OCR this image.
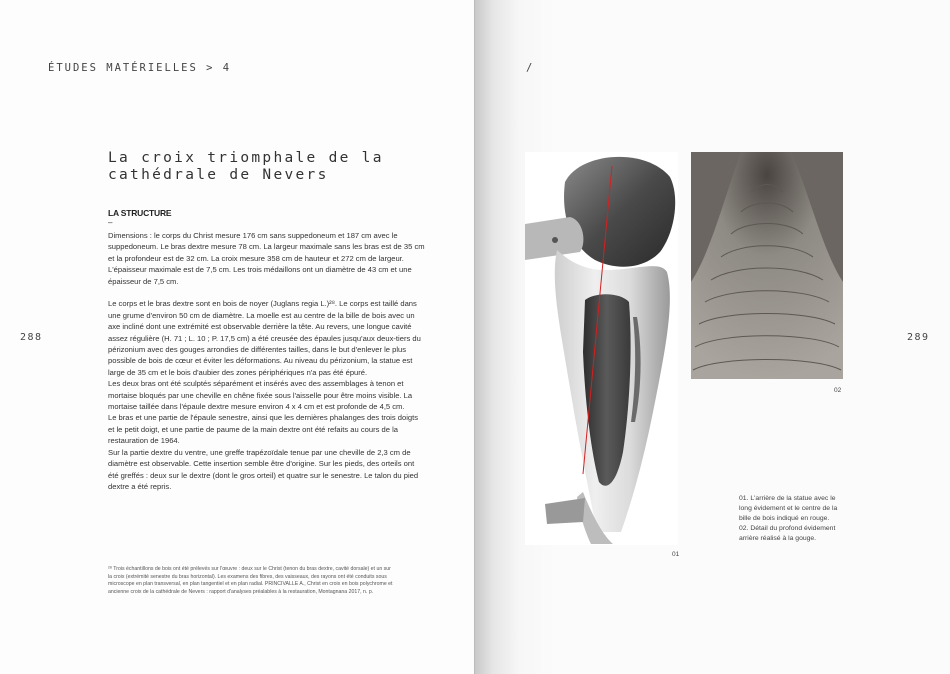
ÉTUDES MATÉRIELLES > 4
288
La croix triomphale de la
cathédrale de Nevers
LA STRUCTURE
–

Dimensions : le corps du Christ mesure 176 cm sans suppedoneum et 187 cm avec le suppedoneum. Le bras dextre mesure 78 cm. La largeur maximale sans les bras est de 35 cm et la profondeur est de 32 cm. La croix mesure 358 cm de hauteur et 272 cm de largeur. L'épaisseur maximale est de 7,5 cm. Les trois médaillons ont un diamètre de 43 cm et une épaisseur de 7,5 cm.

Le corps et le bras dextre sont en bois de noyer (Juglans regia L.)²⁸. Le corps est taillé dans une grume d'environ 50 cm de diamètre. La moelle est au centre de la bille de bois avec un axe incliné dont une extrémité est observable derrière la tête. Au revers, une longue cavité assez régulière (H. 71 ; L. 10 ; P. 17,5 cm) a été creusée des épaules jusqu'aux deux-tiers du périzonium avec des gouges arrondies de différentes tailles, dans le but d'enlever le plus possible de bois de cœur et éviter les déformations. Au niveau du périzonium, la statue est large de 35 cm et le bois d'aubier des zones périphériques n'a pas été épuré.

Les deux bras ont été sculptés séparément et insérés avec des assemblages à tenon et mortaise bloqués par une cheville en chêne fixée sous l'aisselle pour être moins visible. La mortaise taillée dans l'épaule dextre mesure environ 4 x 4 cm et est profonde de 4,5 cm.

Le bras et une partie de l'épaule senestre, ainsi que les dernières phalanges des trois doigts et le petit doigt, et une partie de paume de la main dextre ont été refaits au cours de la restauration de 1964.

Sur la partie dextre du ventre, une greffe trapézoïdale tenue par une cheville de 2,3 cm de diamètre est observable. Cette insertion semble être d'origine. Sur les pieds, des orteils ont été greffés : deux sur le dextre (dont le gros orteil) et quatre sur le senestre. Le talon du pied dextre a été repris.

²⁸ Trois échantillons de bois ont été prélevés sur l'œuvre : deux sur le Christ (tenon du bras dextre, cavité dorsale) et un sur

la croix (extrémité senestre du bras horizontal). Les examens des fibres, des vaisseaux, des rayons ont été conduits sous

microscope en plan transversal, en plan tangentiel et en plan radial. PRINCIVALLE A., Christ en croix en bois polychrome et

ancienne croix de la cathédrale de Nevers : rapport d'analyses préalables à la restauration, Montagnana 2017, n. p.

/
289
01
02

01. L'arrière de la statue avec le

long évidement et le centre de la

bille de bois indiqué en rouge.

02. Détail du profond évidement

arrière réalisé à la gouge.
